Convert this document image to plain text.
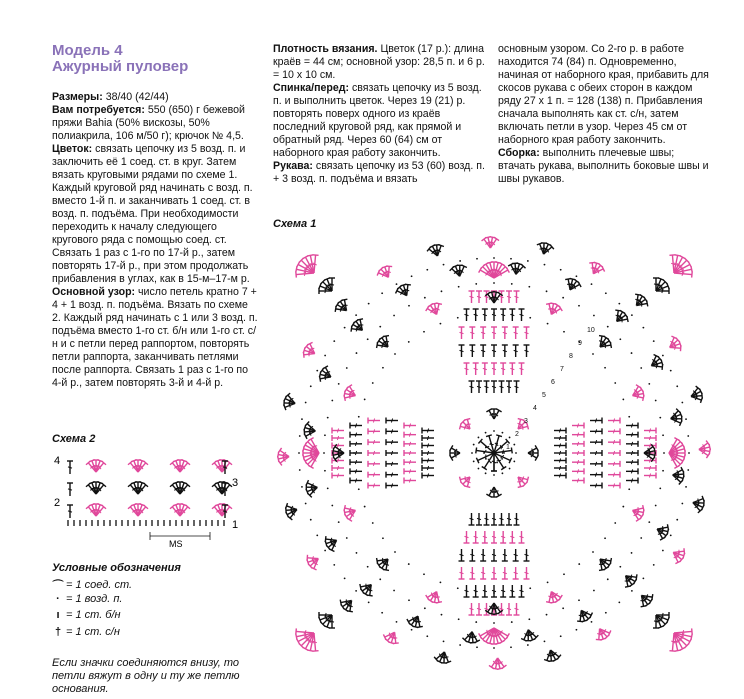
Модель 4
Ажурный пуловер

Размеры: 38/40 (42/44)

Вам потребуется: 550 (650) г бежевой пряжи Bahia (50% вискозы, 50% полиакрила, 106 м/50 г); крючок № 4,5.

Цветок: связать цепочку из 5 возд. п. и заключить её 1 соед. ст. в круг. Затем вязать круговыми рядами по схеме 1. Каждый круговой ряд начинать с возд. п. вместо 1-й п. и заканчивать 1 соед. ст. в возд. п. подъёма. При необходимости переходить к началу следующего кругового ряда с помощью соед. ст. Связать 1 раз с 1-го по 17-й р., затем повторять 17-й р., при этом продолжать прибавления в углах, как в 15-м–17-м р.

Основной узор: число петель кратно 7 + 4 + 1 возд. п. подъёма. Вязать по схеме 2. Каждый ряд начинать с 1 или 3 возд. п. подъёма вместо 1-го ст. б/н или 1-го ст. с/н и с петли перед раппортом, повторять петли раппорта, заканчивать петлями после раппорта. Связать 1 раз с 1-го по 4-й р., затем повторять 3-й и 4-й р.

Плотность вязания. Цветок (17 р.): длина краёв = 44 см; основной узор: 28,5 п. и 6 р. = 10 х 10 см.

Спинка/перед: связать цепочку из 5 возд. п. и выполнить цветок. Через 19 (21) р. повторять поверх одного из краёв последний круговой ряд, как прямой и обратный ряд. Через 60 (64) см от наборного края работу закончить.

Рукава: связать цепочку из 53 (60) возд. п. + 3 возд. п. подъёма и вязать

основным узором. Со 2-го р. в работе находится 74 (84) п. Одновременно, начиная от наборного края, прибавить для скосов рукава с обеих сторон в каждом ряду 27 х 1 п. = 128 (138) п. Прибавления сначала выполнять как ст. с/н, затем включать петли в узор. Через 45 см от наборного края работу закончить.

Сборка: выполнить плечевые швы; втачать рукава, выполнить боковые швы и швы рукавов.

Схема 1
1
2
3
4
5
6
7
8
9
10
Схема 2
4
3
2
1
MS
Условные обозначения
⌒ = 1 соед. ст.
· = 1 возд. п.
ı = 1 ст. б/н
† = 1 ст. с/н
Если значки соединяются внизу, то петли вяжут в одну и ту же петлю основания.
